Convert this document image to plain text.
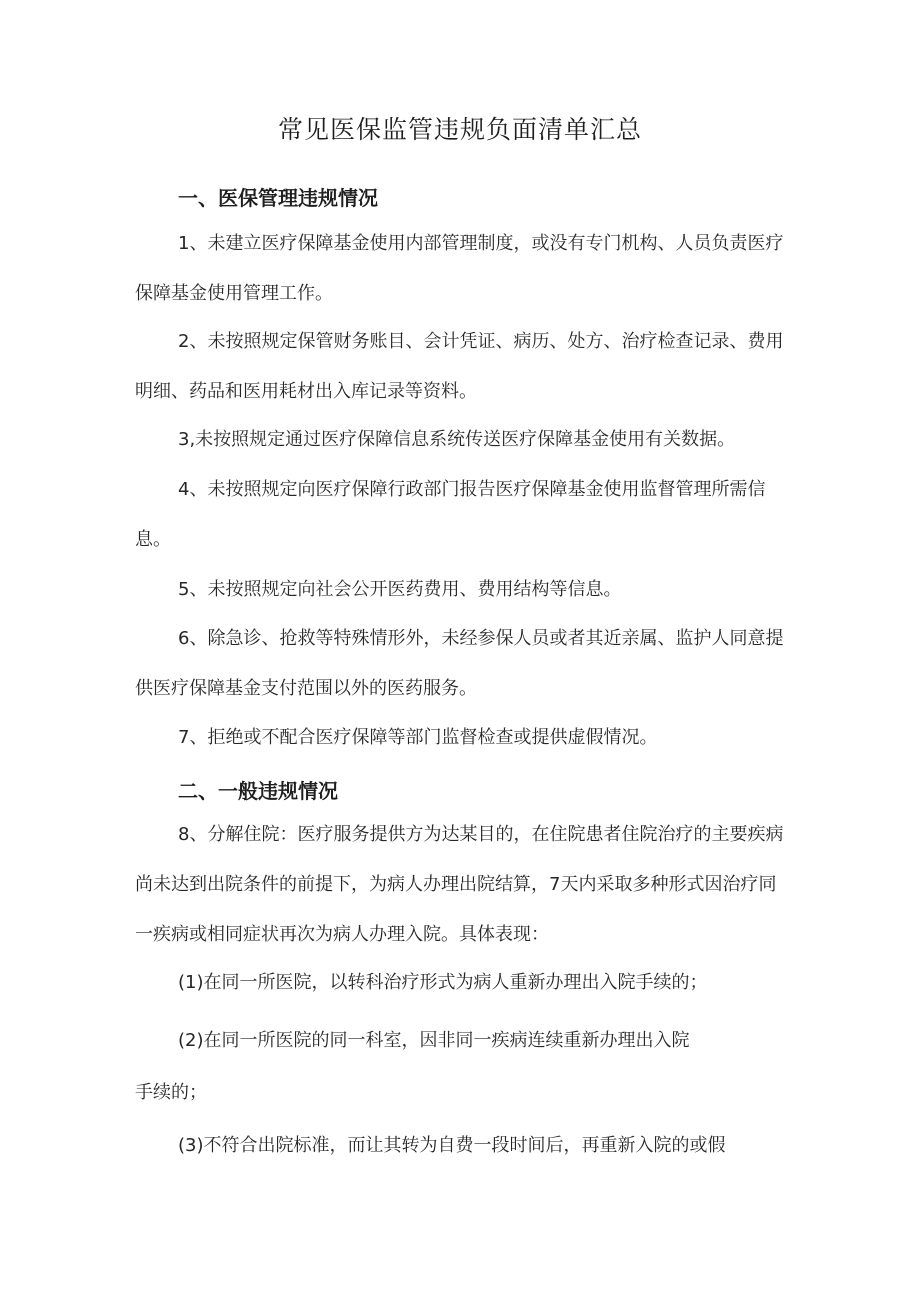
常见医保监管违规负面清单汇总
一、医保管理违规情况

1、未建立医疗保障基金使用内部管理制度，或没有专门机构、人员负责医疗保障基金使用管理工作。

2、未按照规定保管财务账目、会计凭证、病历、处方、治疗检查记录、费用明细、药品和医用耗材出入库记录等资料。

3,未按照规定通过医疗保障信息系统传送医疗保障基金使用有关数据。

4、未按照规定向医疗保障行政部门报告医疗保障基金使用监督管理所需信息。

5、未按照规定向社会公开医药费用、费用结构等信息。

6、除急诊、抢救等特殊情形外，未经参保人员或者其近亲属、监护人同意提供医疗保障基金支付范围以外的医药服务。

7、拒绝或不配合医疗保障等部门监督检查或提供虚假情况。

二、一般违规情况

8、分解住院：医疗服务提供方为达某目的，在住院患者住院治疗的主要疾病尚未达到出院条件的前提下，为病人办理出院结算，7天内采取多种形式因治疗同一疾病或相同症状再次为病人办理入院。具体表现：

(1)在同一所医院，以转科治疗形式为病人重新办理出入院手续的；

(2)在同一所医院的同一科室，因非同一疾病连续重新办理出入院

手续的；

(3)不符合出院标准，而让其转为自费一段时间后，再重新入院的或假
